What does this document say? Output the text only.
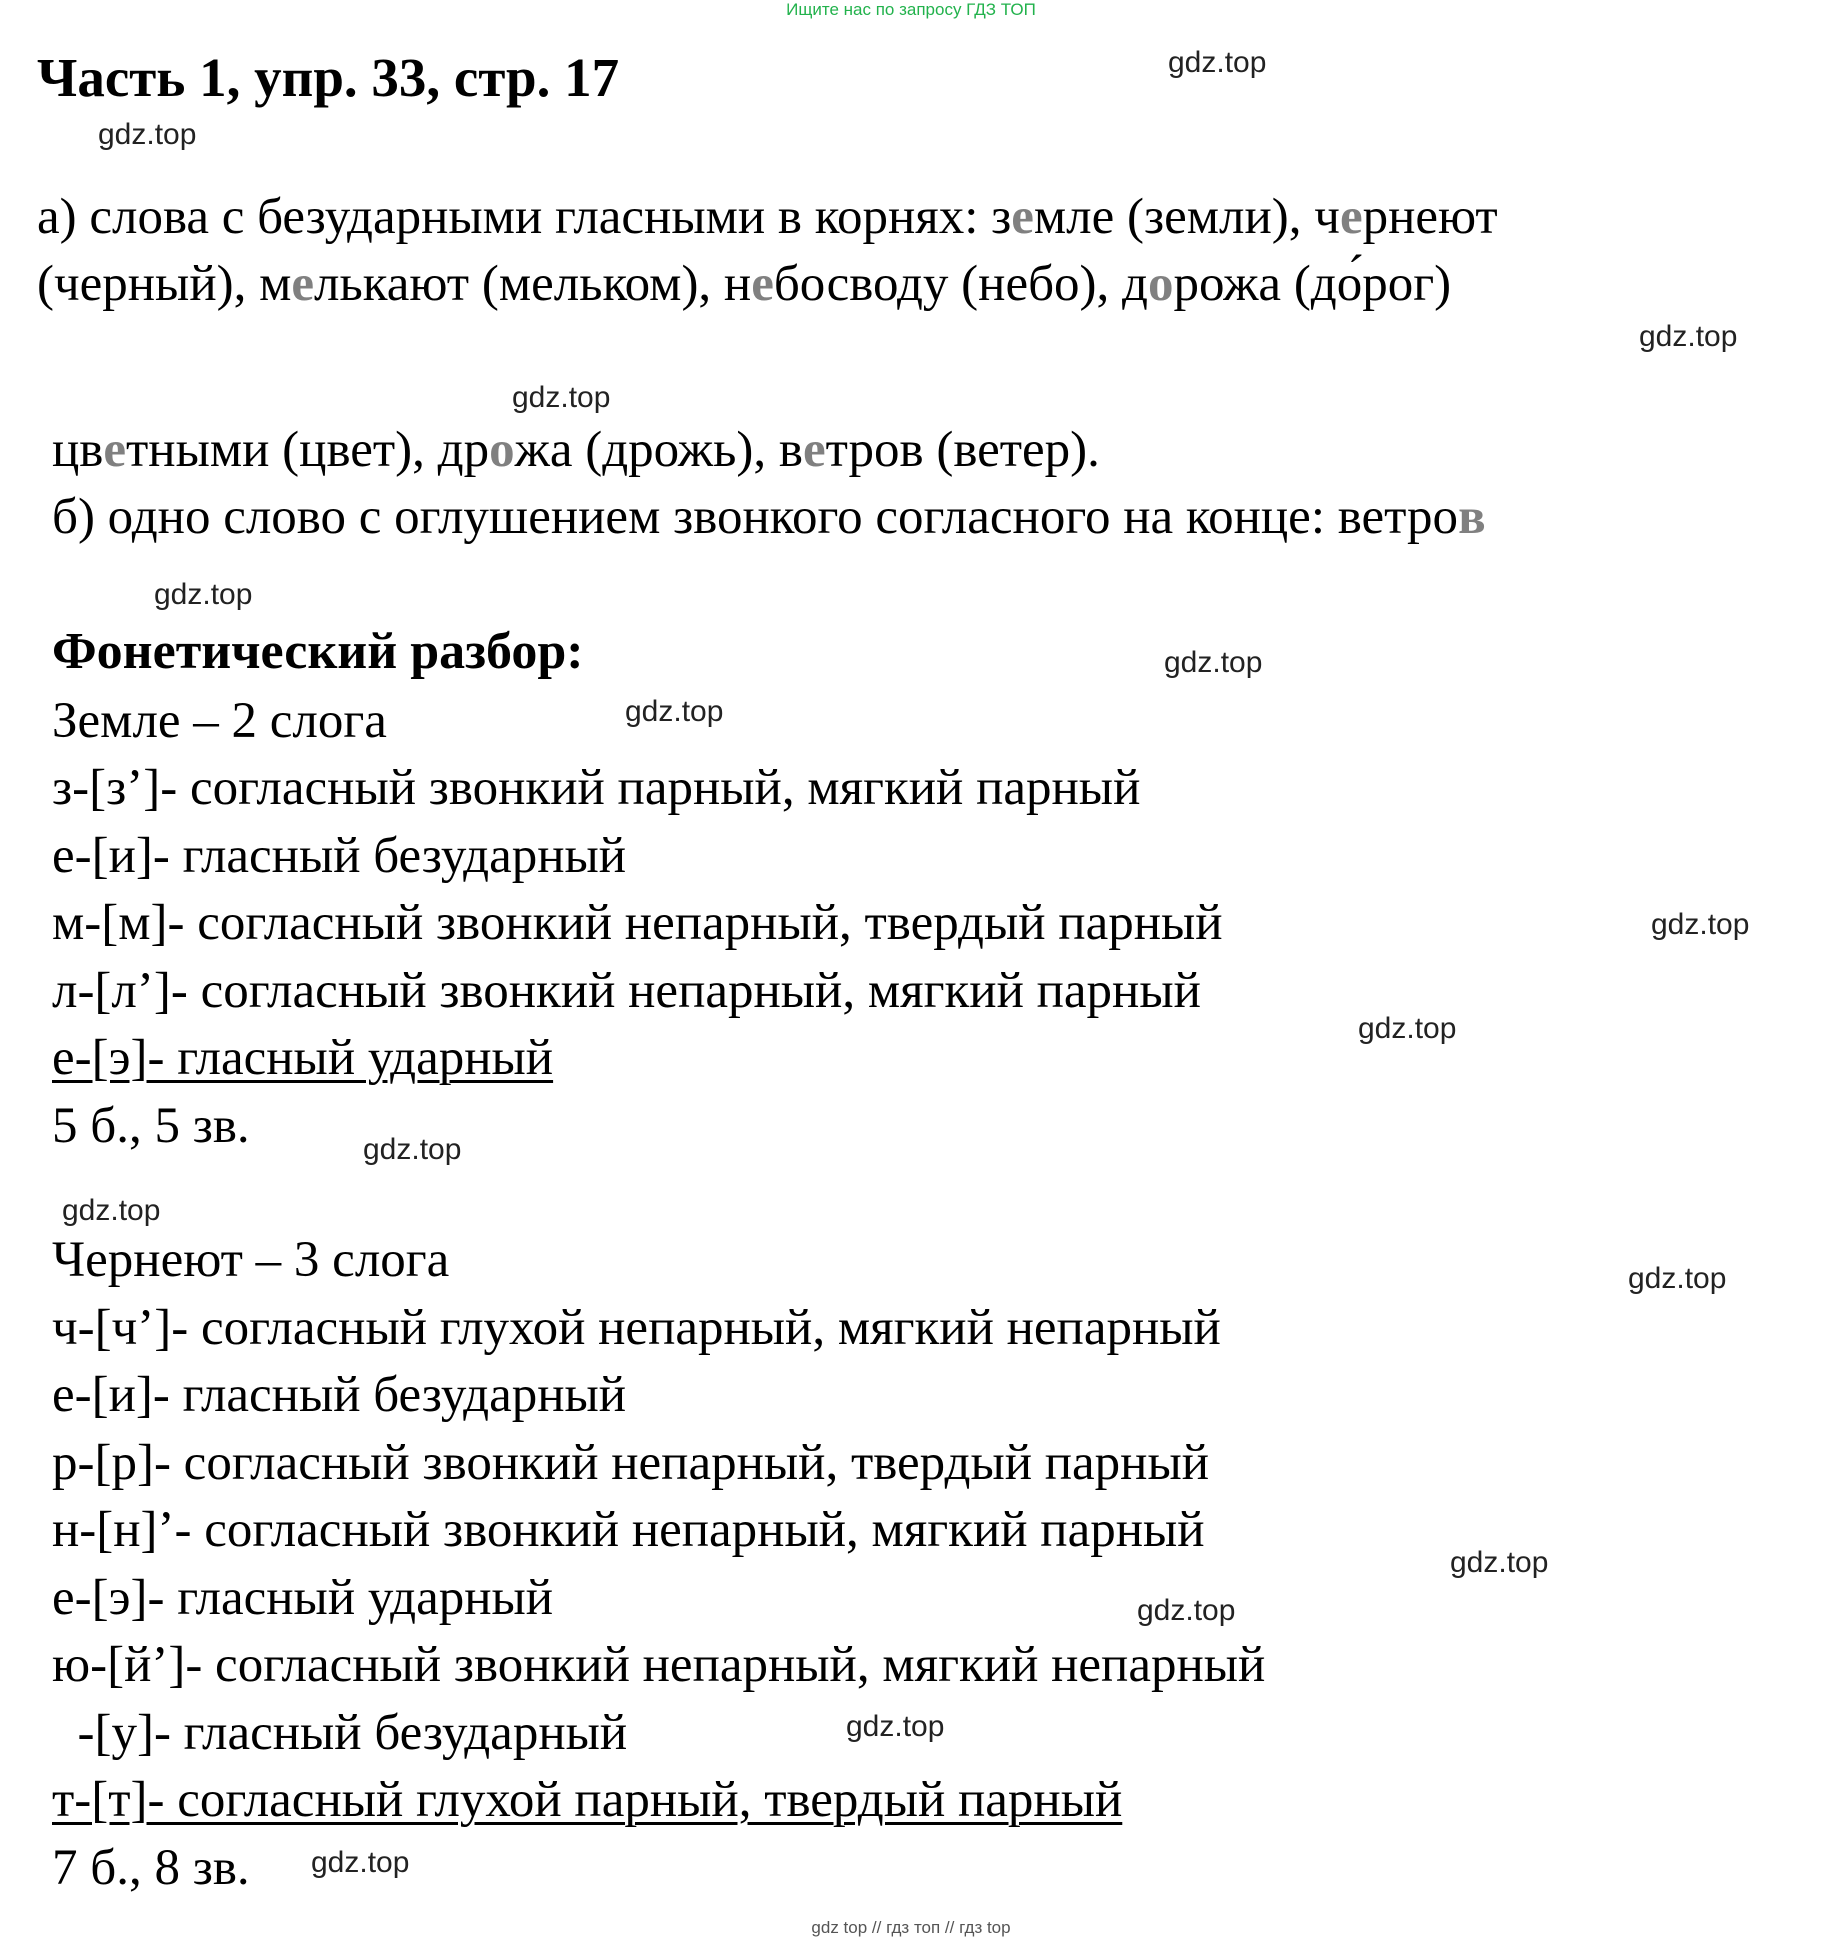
Ищите нас по запросу ГДЗ ТОП
Часть 1, упр. 33, стр. 17
а) слова с безударными гласными в корнях: земле (земли), чернеют
(черный), мелькают (мельком), небосводу (небо), дорожа (до́рог)
цветными (цвет), дрожа (дрожь), ветров (ветер).
б) одно слово с оглушением звонкого согласного на конце: ветров
Фонетический разбор:
Земле – 2 слога
з-[з’]- согласный звонкий парный, мягкий парный
е-[и]- гласный безударный
м-[м]- согласный звонкий непарный, твердый парный
л-[л’]- согласный звонкий непарный, мягкий парный
е-[э]- гласный ударный
5 б., 5 зв.
Чернеют – 3 слога
ч-[ч’]- согласный глухой непарный, мягкий непарный
е-[и]- гласный безударный
р-[р]- согласный звонкий непарный, твердый парный
н-[н]’- согласный звонкий непарный, мягкий парный
е-[э]- гласный ударный
ю-[й’]- согласный звонкий непарный, мягкий непарный
-[у]- гласный безударный
т-[т]- согласный глухой парный, твердый парный
7 б., 8 зв.
gdz.top
gdz.top
gdz.top
gdz.top
gdz.top
gdz.top
gdz.top
gdz.top
gdz.top
gdz.top
gdz.top
gdz.top
gdz.top
gdz.top
gdz.top
gdz.top
gdz top // гдз топ // гдз top
